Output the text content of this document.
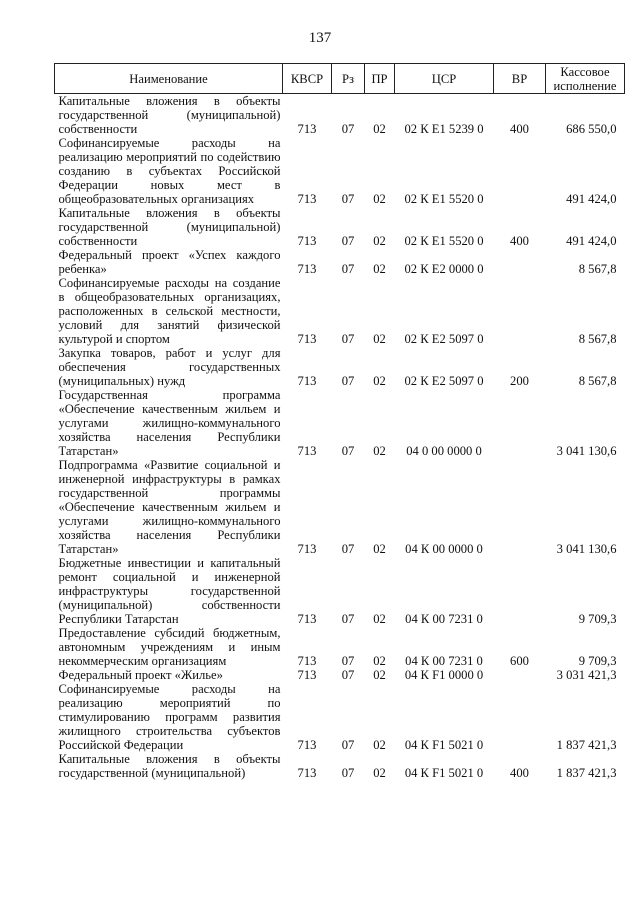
137
Наименование	КВСР	Рз	ПР	ЦСР	ВР	Кассовое исполнение
Капитальные вложения в объекты государственной (муниципальной) собственности	713	07	02	02 К Е1 5239 0	400	686 550,0
Софинансируемые расходы на реализацию мероприятий по содействию созданию в субъектах Российской Федерации новых мест в общеобразовательных организациях	713	07	02	02 К Е1 5520 0		491 424,0
Капитальные вложения в объекты государственной (муниципальной) собственности	713	07	02	02 К Е1 5520 0	400	491 424,0
Федеральный проект «Успех каждого ребенка»	713	07	02	02 К Е2 0000 0		8 567,8
Софинансируемые расходы на создание в общеобразовательных организациях, расположенных в сельской местности, условий для занятий физической культурой и спортом	713	07	02	02 К Е2 5097 0		8 567,8
Закупка товаров, работ и услуг для обеспечения государственных (муниципальных) нужд	713	07	02	02 К Е2 5097 0	200	8 567,8
Государственная программа «Обеспечение качественным жильем и услугами жилищно-коммунального хозяйства населения Республики Татарстан»	713	07	02	04 0 00 0000 0		3 041 130,6
Подпрограмма «Развитие социальной и инженерной инфраструктуры в рамках государственной программы «Обеспечение качественным жильем и услугами жилищно-коммунального хозяйства населения Республики Татарстан»	713	07	02	04 К 00 0000 0		3 041 130,6
Бюджетные инвестиции и капитальный ремонт социальной и инженерной инфраструктуры государственной (муниципальной) собственности Республики Татарстан	713	07	02	04 К 00 7231 0		9 709,3
Предоставление субсидий бюджетным, автономным учреждениям и иным некоммерческим организациям	713	07	02	04 К 00 7231 0	600	9 709,3
Федеральный проект «Жилье»	713	07	02	04 К F1 0000 0		3 031 421,3
Софинансируемые расходы на реализацию мероприятий по стимулированию программ развития жилищного строительства субъектов Российской Федерации	713	07	02	04 К F1 5021 0		1 837 421,3
Капитальные вложения в объекты государственной (муниципальной)	713	07	02	04 К F1 5021 0	400	1 837 421,3
